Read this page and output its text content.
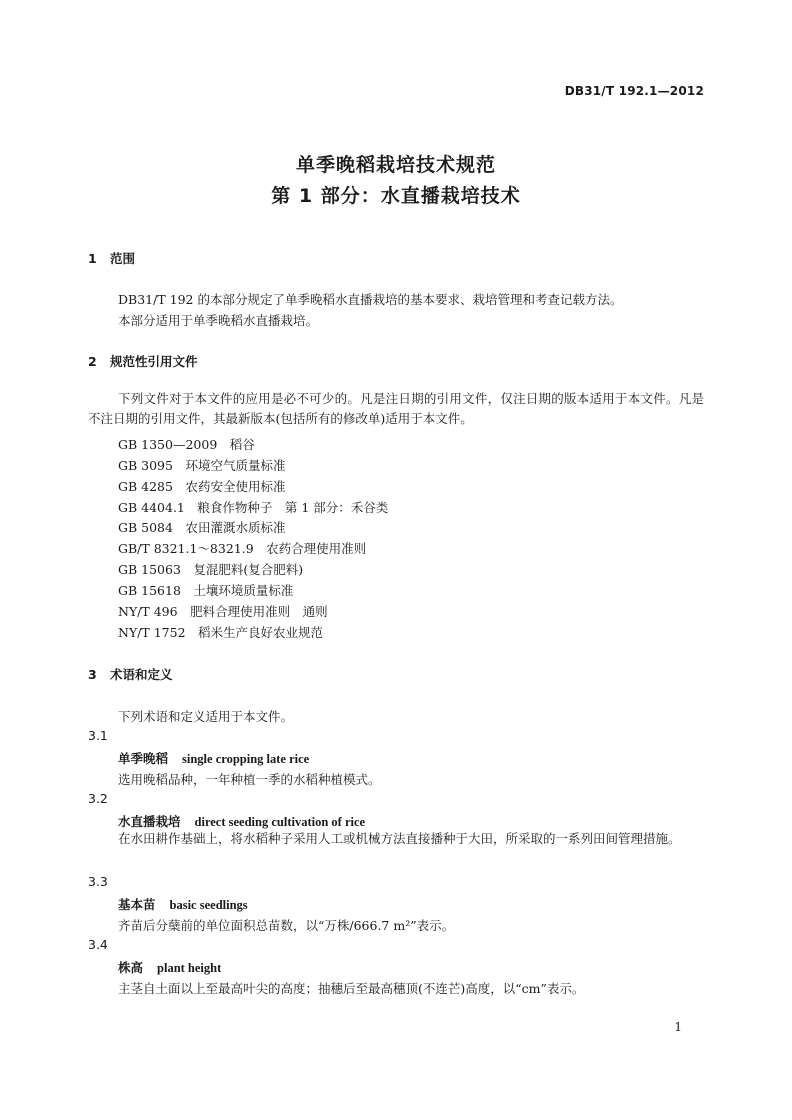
DB31/T 192.1—2012
单季晚稻栽培技术规范
第 1 部分：水直播栽培技术
1 范围
DB31/T 192 的本部分规定了单季晚稻水直播栽培的基本要求、栽培管理和考查记载方法。
本部分适用于单季晚稻水直播栽培。
2 规范性引用文件

下列文件对于本文件的应用是必不可少的。凡是注日期的引用文件，仅注日期的版本适用于本文件。凡是不注日期的引用文件，其最新版本(包括所有的修改单)适用于本文件。

GB 1350—2009　稻谷
GB 3095　环境空气质量标准
GB 4285　农药安全使用标准
GB 4404.1　粮食作物种子　第 1 部分：禾谷类
GB 5084　农田灌溉水质标准
GB/T 8321.1～8321.9　农药合理使用准则
GB 15063　复混肥料(复合肥料)
GB 15618　土壤环境质量标准
NY/T 496　肥料合理使用准则　通则
NY/T 1752　稻米生产良好农业规范
3 术语和定义
下列术语和定义适用于本文件。
3.1
单季晚稻 single cropping late rice
选用晚稻品种，一年种植一季的水稻种植模式。
3.2
水直播栽培 direct seeding cultivation of rice

在水田耕作基础上，将水稻种子采用人工或机械方法直接播种于大田，所采取的一系列田间管理措施。

3.3
基本苗 basic seedlings
齐苗后分蘖前的单位面积总苗数，以“万株/666.7 m²”表示。
3.4
株高 plant height
主茎自土面以上至最高叶尖的高度；抽穗后至最高穗顶(不连芒)高度，以“cm”表示。
1
